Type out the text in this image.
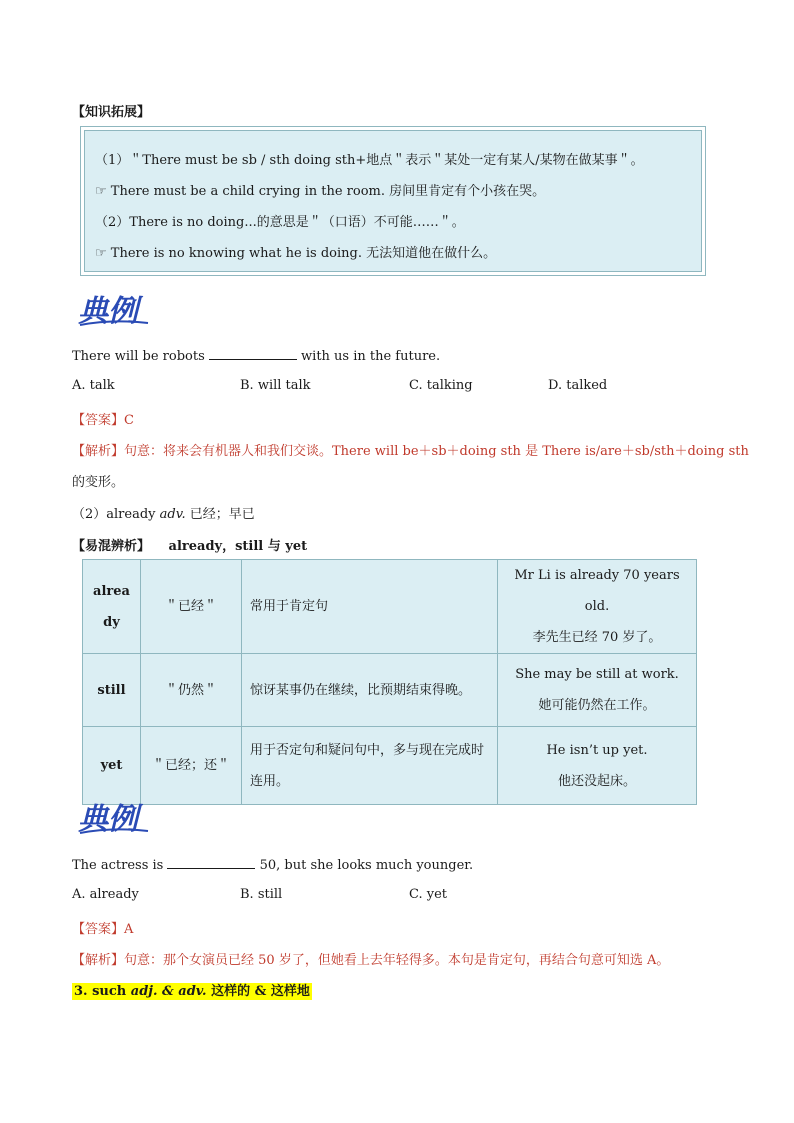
【知识拓展】
（1）＂There must be sb / sth doing sth+地点＂表示＂某处一定有某人/某物在做某事＂。
☞ There must be a child crying in the room. 房间里肯定有个小孩在哭。
（2）There is no doing...的意思是＂（口语）不可能……＂。
☞ There is no knowing what he is doing. 无法知道他在做什么。
典例
There will be robots	with us in the future.
A. talk	B. will talk	C. talking	D. talked
【答案】C
【解析】句意：将来会有机器人和我们交谈。There will be＋sb＋doing sth 是 There is/are＋sb/sth＋doing sth
的变形。
（2）already adv. 已经；早已
【易混辨析】 already，still 与 yet
already	＂已经＂	常用于肯定句	Mr Li is already 70 years old.
李先生已经 70 岁了。

still	＂仍然＂	惊讶某事仍在继续，比预期结束得晚。	She may be still at work.
她可能仍然在工作。

yet	＂已经；还＂	用于否定句和疑问句中，多与现在完成时连用。	He isn’t up yet.
他还没起床。
典例
The actress is	50, but she looks much younger.
A. already	B. still	C. yet
【答案】A
【解析】句意：那个女演员已经 50 岁了，但她看上去年轻得多。本句是肯定句，再结合句意可知选 A。
3. such adj. & adv. 这样的 & 这样地
